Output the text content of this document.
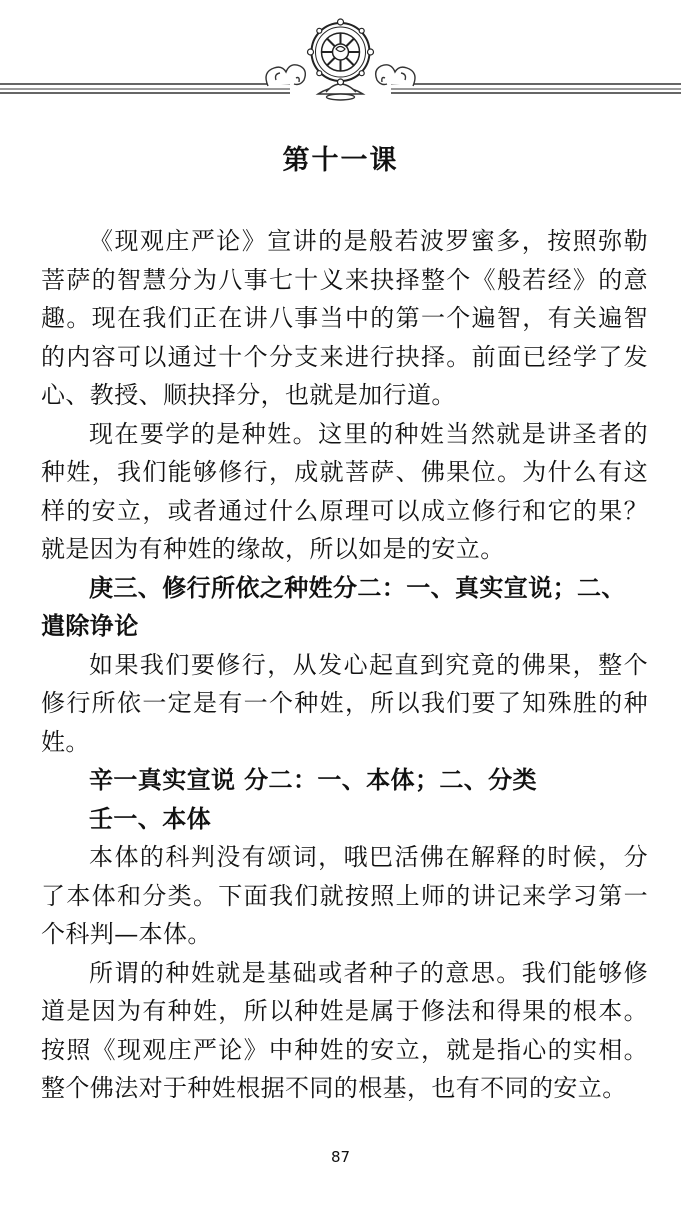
第十一课

《现观庄严论》宣讲的是般若波罗蜜多，按照弥勒菩萨的智慧分为八事七十义来抉择整个《般若经》的意趣。现在我们正在讲八事当中的第一个遍智，有关遍智的内容可以通过十个分支来进行抉择。前面已经学了发心、教授、顺抉择分，也就是加行道。

现在要学的是种姓。这里的种姓当然就是讲圣者的种姓，我们能够修行，成就菩萨、佛果位。为什么有这样的安立，或者通过什么原理可以成立修行和它的果？就是因为有种姓的缘故，所以如是的安立。

庚三、修行所依之种姓分二：一、真实宣说；二、遣除诤论

如果我们要修行，从发心起直到究竟的佛果，整个修行所依一定是有一个种姓，所以我们要了知殊胜的种姓。

辛一真实宣说 分二：一、本体；二、分类

壬一、本体

本体的科判没有颂词，哦巴活佛在解释的时候，分了本体和分类。下面我们就按照上师的讲记来学习第一个科判—本体。

所谓的种姓就是基础或者种子的意思。我们能够修道是因为有种姓，所以种姓是属于修法和得果的根本。按照《现观庄严论》中种姓的安立，就是指心的实相。整个佛法对于种姓根据不同的根基，也有不同的安立。

87
